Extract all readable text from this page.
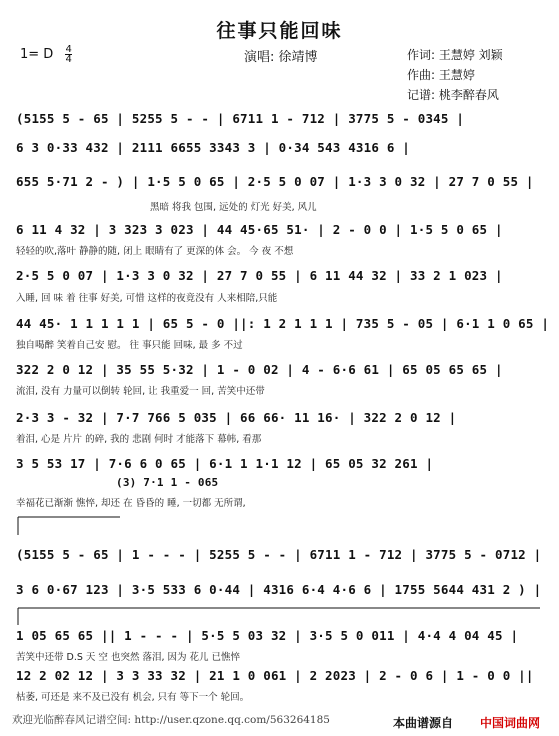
往事只能回味
1= D $\frac{4}{4}$	演唱: 徐靖博	作词: 王慧婷 刘颖
作曲: 王慧婷
记谱: 桃李醉春风
(5155 5 - 65 | 5255 5 - - | 6711 1 - 712 | 3775 5 - 0345 |
6 3 0·33 432 | 2111 6655 3343 3 | 0·34 543 4316 6 |
655 5·71 2 - ) | 1·5 5 0 65 | 2·5 5 0 07 | 1·3 3 0 32 | 27 7 0 55 |
黑暗 将我 包围, 远处的 灯光 好美, 风儿
6 11 4 32 | 3 323 3 023 | 44 45·65 51· | 2 - 0 0 | 1·5 5 0 65 |
轻轻的吹,落叶 静静的随, 闭上 眼睛有了 更深的体 会。 今 夜 不想
2·5 5 0 07 | 1·3 3 0 32 | 27 7 0 55 | 6 11 44 32 | 33 2 1 023 |
入睡, 回 味 着 往事 好美, 可惜 这样的夜竟没有 人来相陪,只能
44 45· 1 1 1 1 1 | 65 5 - 0 ||: 1 2 1 1 1 | 735 5 - 05 | 6·1 1 0 65 |
独自喝醉 笑着自己安 慰。 往 事只能 回味, 最 多 不过
322 2 0 12 | 35 55 5·32 | 1 - 0 02 | 4 - 6·6 61 | 65 05 65 65 |
流泪, 没有 力量可以倒转 轮回, 让 我重爱一 回, 苦笑中还带
2·3 3 - 32 | 7·7 766 5 035 | 66 66· 11 16· | 322 2 0 12 |
着泪, 心是 片片 的碎, 我的 悲剧 何时 才能落下 幕帏, 看那
3 5 53 17 | 7·6 6 0 65 | 6·1 1 1·1 12 | 65 05 32 261 |
幸福花已渐渐 憔悴, 却还 在 昏昏的 睡, 一切都 无所谓,
(3) 7·1 1 - 065
(5155 5 - 65 | 1 - - - | 5255 5 - - | 6711 1 - 712 | 3775 5 - 0712 |
3 6 0·67 123 | 3·5 533 6 0·44 | 4316 6·4 4·6 6 | 1755 5644 431 2 ) |
1 05 65 65 || 1 - - - | 5·5 5 03 32 | 3·5 5 0 011 | 4·4 4 04 45 |
苦笑中还带 D.S 天 空 也突然 落泪, 因为 花儿 已憔悴
12 2 02 12 | 3 3 33 32 | 21 1 0 061 | 2 2023 | 2 - 0 6 | 1 - 0 0 ||
枯萎, 可还是 来不及已没有 机会, 只有 等下一个 轮回。
欢迎光临醉春风记谱空间: http://user.qzone.qq.com/563264185	本曲谱源自 中国词曲网
